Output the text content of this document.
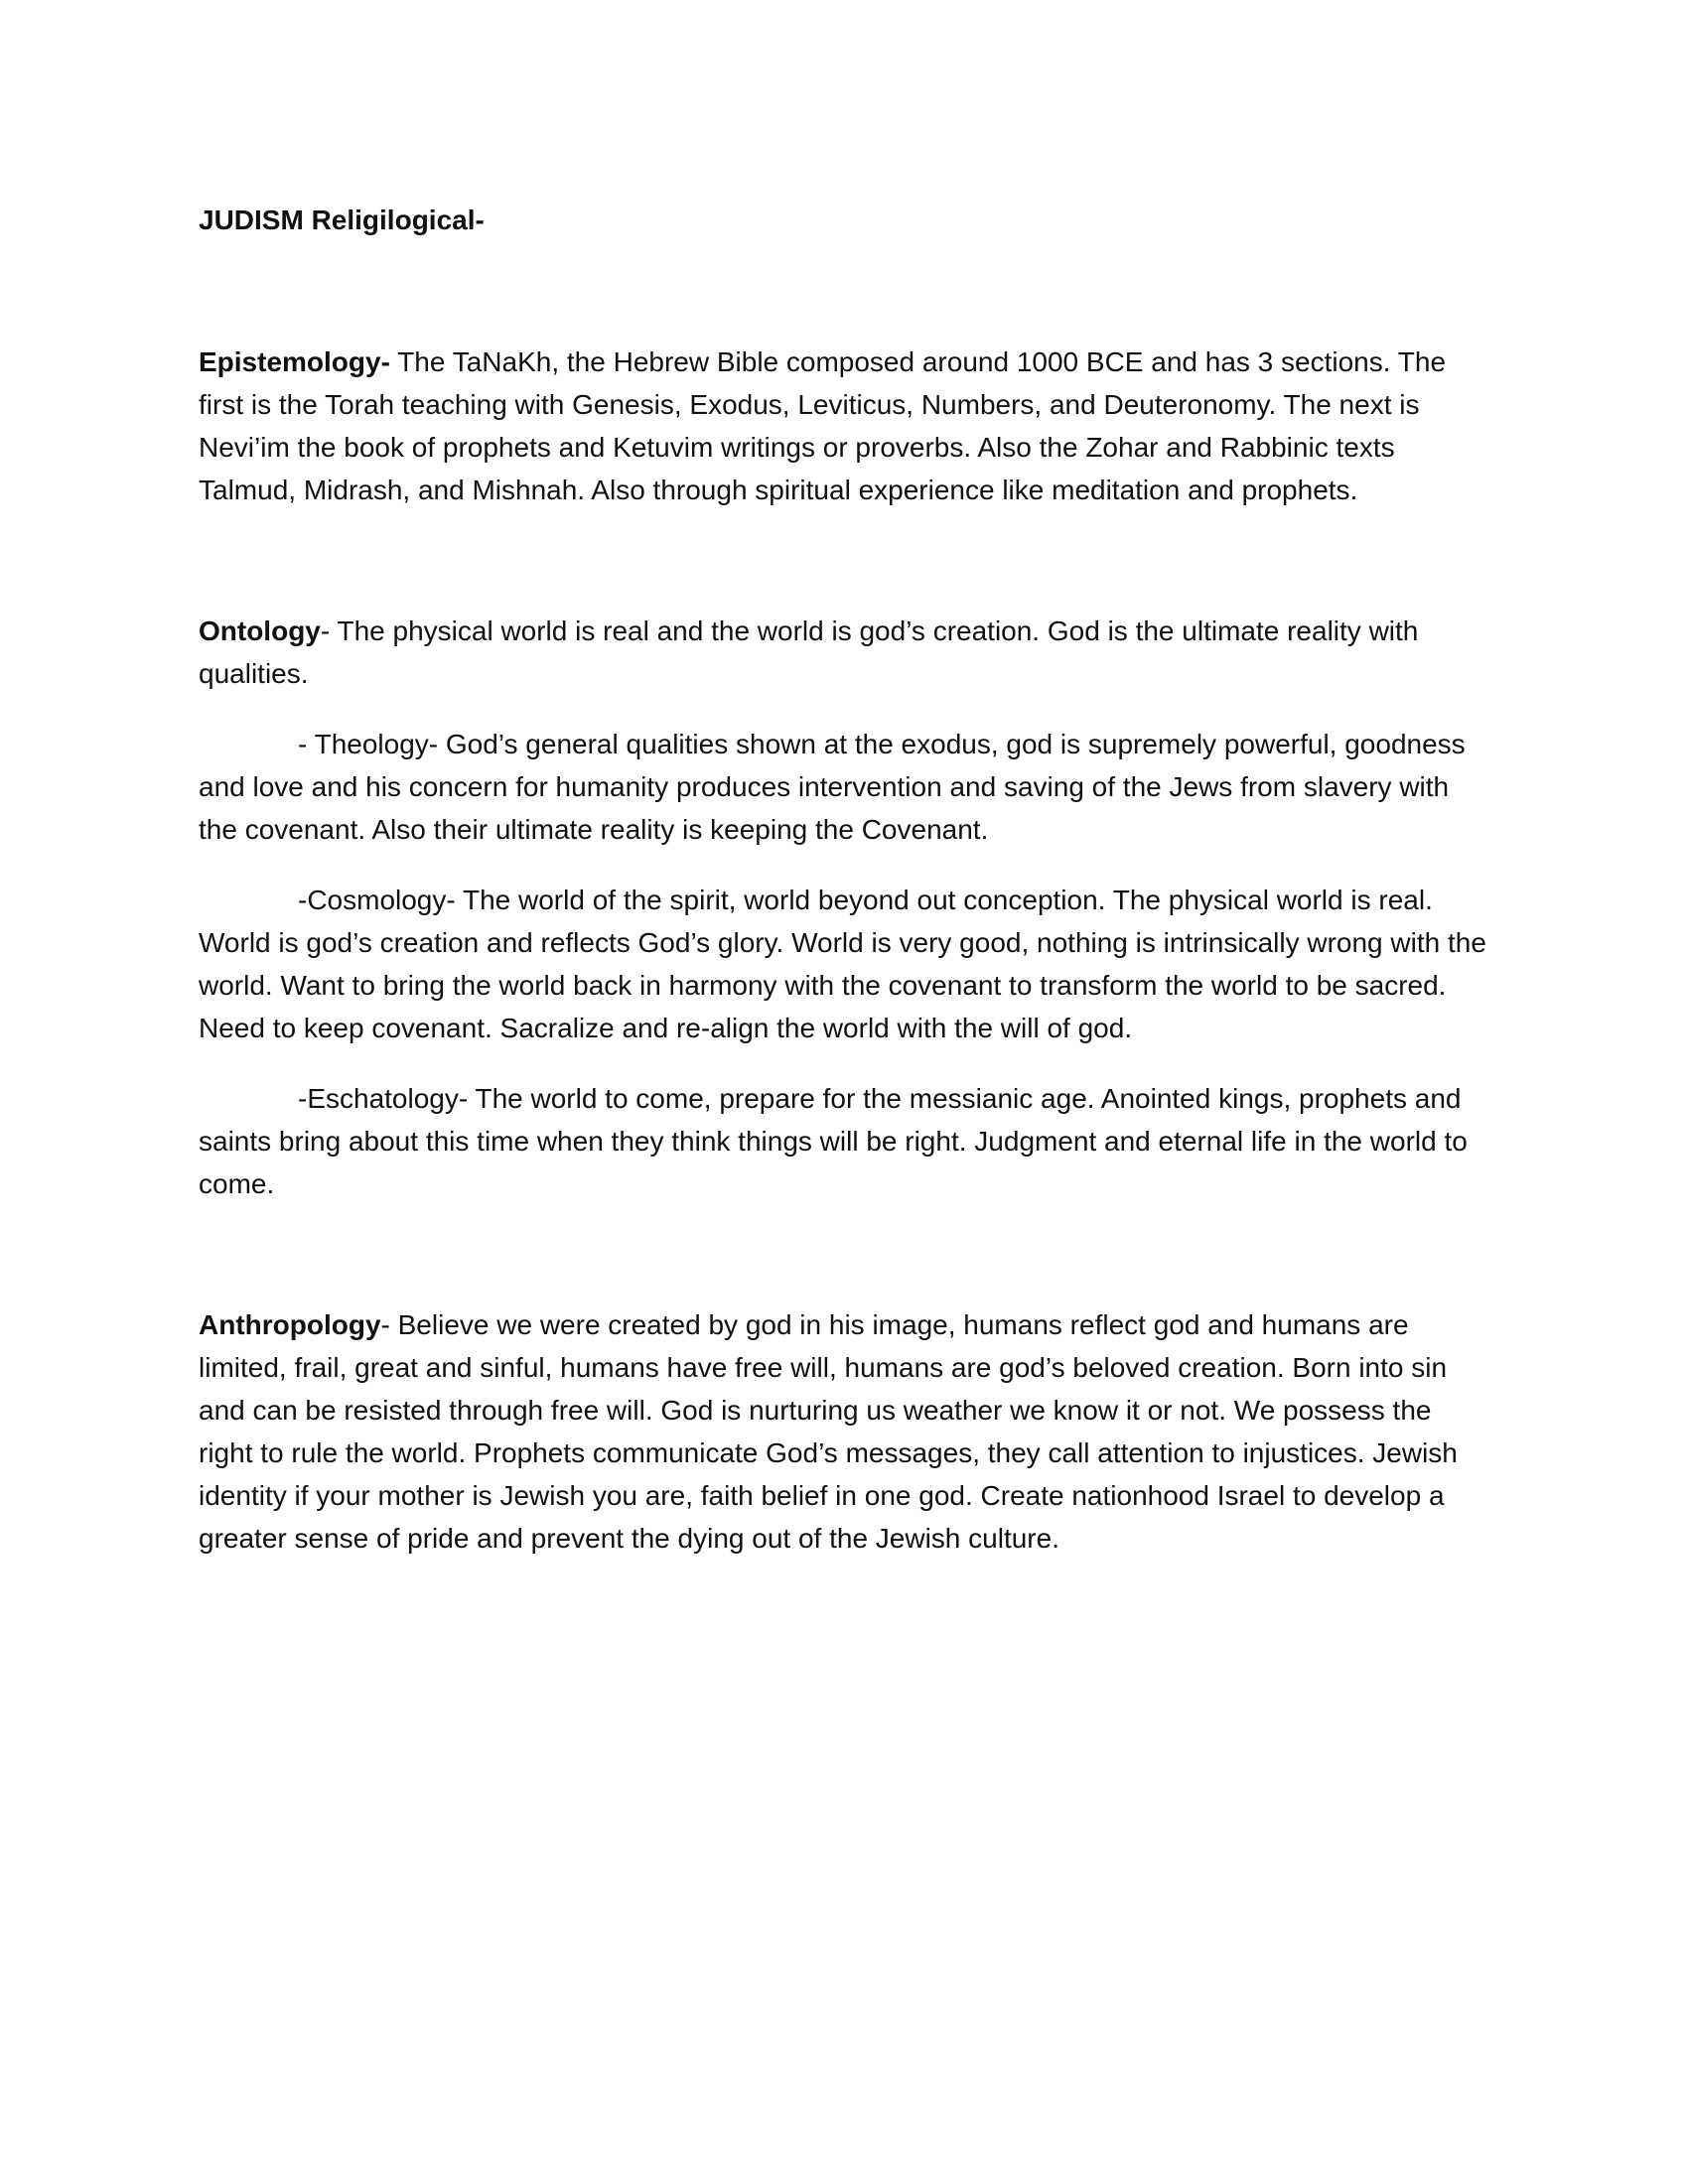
JUDISM Religilogical-

Epistemology- The TaNaKh, the Hebrew Bible composed around 1000 BCE and has 3 sections. The first is the Torah teaching with Genesis, Exodus, Leviticus, Numbers, and Deuteronomy. The next is Nevi’im the book of prophets and Ketuvim writings or proverbs. Also the Zohar and Rabbinic texts Talmud, Midrash, and Mishnah. Also through spiritual experience like meditation and prophets.

Ontology- The physical world is real and the world is god’s creation. God is the ultimate reality with qualities.

- Theology- God’s general qualities shown at the exodus, god is supremely powerful, goodness and love and his concern for humanity produces intervention and saving of the Jews from slavery with the covenant. Also their ultimate reality is keeping the Covenant.

-Cosmology- The world of the spirit, world beyond out conception. The physical world is real. World is god’s creation and reflects God’s glory. World is very good, nothing is intrinsically wrong with the world. Want to bring the world back in harmony with the covenant to transform the world to be sacred. Need to keep covenant. Sacralize and re-align the world with the will of god.

-Eschatology- The world to come, prepare for the messianic age. Anointed kings, prophets and saints bring about this time when they think things will be right. Judgment and eternal life in the world to come.

Anthropology- Believe we were created by god in his image, humans reflect god and humans are limited, frail, great and sinful, humans have free will, humans are god’s beloved creation. Born into sin and can be resisted through free will. God is nurturing us weather we know it or not. We possess the right to rule the world. Prophets communicate God’s messages, they call attention to injustices. Jewish identity if your mother is Jewish you are, faith belief in one god. Create nationhood Israel to develop a greater sense of pride and prevent the dying out of the Jewish culture.
